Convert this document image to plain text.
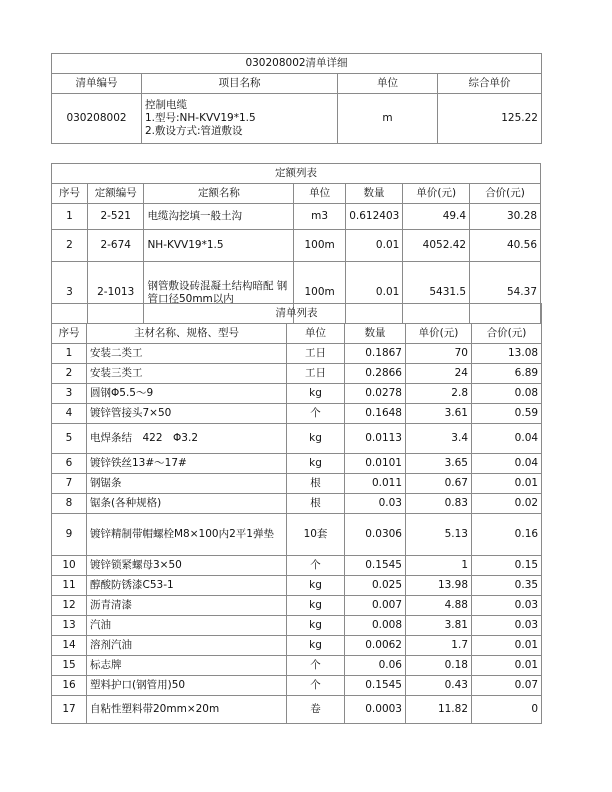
030208002清单详细			
清单编号	项目名称	单位	综合单价
030208002	控制电缆
1.型号:NH-KVV19*1.5
2.敷设方式:管道敷设	m	125.22
定额列表						
序号	定额编号	定额名称	单位	数量	单价(元)	合价(元)
1	2-521	电缆沟挖填一般土沟	m3	0.612403	49.4	30.28
2	2-674	NH-KVV19*1.5	100m	0.01	4052.42	40.56
3	2-1013	钢管敷设砖混凝土结构暗配 钢管口径50mm以内	100m	0.01	5431.5	54.37
清单列表					
序号	主材名称、规格、型号	单位	数量	单价(元)	合价(元)
1	安装二类工	工日	0.1867	70	13.08
2	安装三类工	工日	0.2866	24	6.89
3	圆钢Φ5.5～9	kg	0.0278	2.8	0.08
4	镀锌管接头7×50	个	0.1648	3.61	0.59
5	电焊条结　422　Φ3.2	kg	0.0113	3.4	0.04
6	镀锌铁丝13#～17#	kg	0.0101	3.65	0.04
7	钢锯条	根	0.011	0.67	0.01
8	锯条(各种规格)	根	0.03	0.83	0.02
9	镀锌精制带帽螺栓M8×100内2平1弹垫	10套	0.0306	5.13	0.16
10	镀锌锁紧螺母3×50	个	0.1545	1	0.15
11	醇酸防锈漆C53-1	kg	0.025	13.98	0.35
12	沥青清漆	kg	0.007	4.88	0.03
13	汽油	kg	0.008	3.81	0.03
14	溶剂汽油	kg	0.0062	1.7	0.01
15	标志牌	个	0.06	0.18	0.01
16	塑料护口(钢管用)50	个	0.1545	0.43	0.07
17	自粘性塑料带20mm×20m	卷	0.0003	11.82	0
